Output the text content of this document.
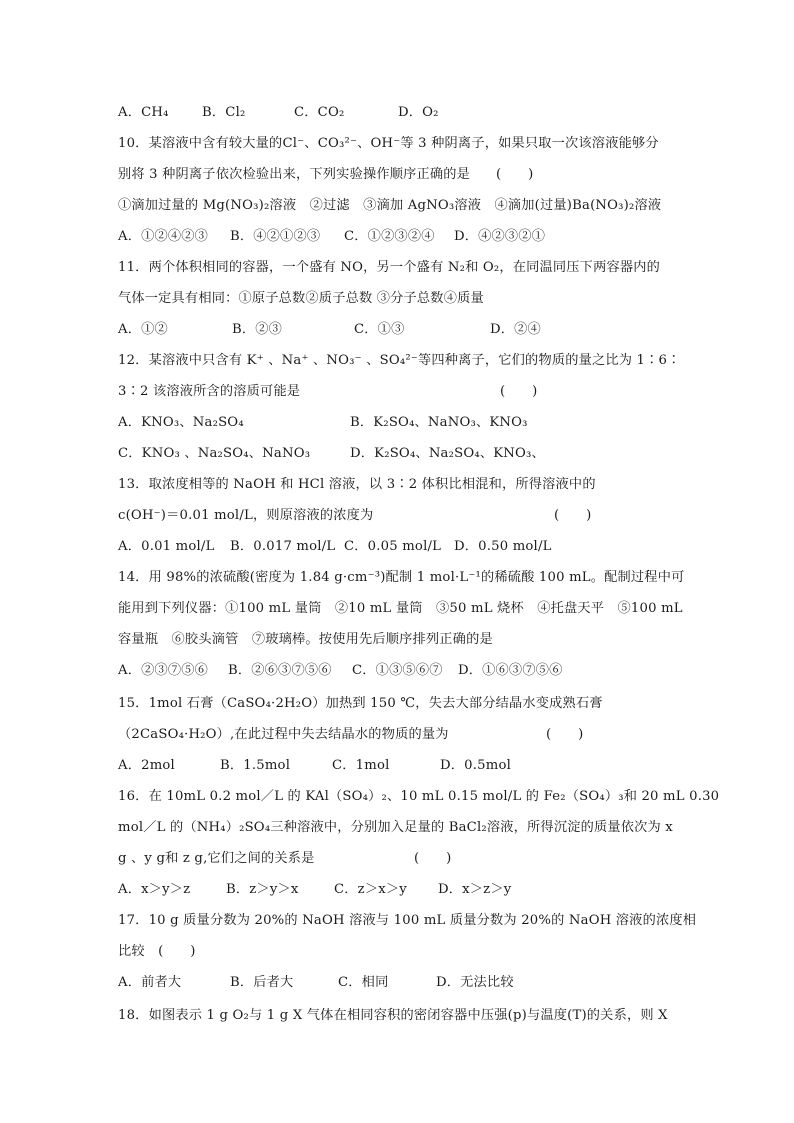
A．CH₄	B．Cl₂	C．CO₂	D．O₂
10．某溶液中含有较大量的Cl⁻、CO₃²⁻、OH⁻等 3 种阴离子，如果只取一次该溶液能够分
别将 3 种阴离子依次检验出来，下列实验操作顺序正确的是 (　　)
①滴加过量的 Mg(NO₃)₂溶液　②过滤　③滴加 AgNO₃溶液　④滴加(过量)Ba(NO₃)₂溶液
A．①②④②③ B．④②①②③ C．①②③②④ D．④②③②①
11．两个体积相同的容器，一个盛有 NO，另一个盛有 N₂和 O₂，在同温同压下两容器内的
气体一定具有相同：①原子总数②质子总数 ③分子总数④质量
A．①②	B．②③	C．①③	D．②④
12．某溶液中只含有 K⁺ 、Na⁺ 、NO₃⁻ 、SO₄²⁻等四种离子，它们的物质的量之比为 1∶6∶
3∶2 该溶液所含的溶质可能是	(　　)
A．KNO₃、Na₂SO₄	B．K₂SO₄、NaNO₃、KNO₃
C．KNO₃ 、Na₂SO₄、NaNO₃	D．K₂SO₄、Na₂SO₄、KNO₃、
13．取浓度相等的 NaOH 和 HCl 溶液，以 3∶2 体积比相混和，所得溶液中的
c(OH⁻)＝0.01 mol/L，则原溶液的浓度为	(　　)
A．0.01 mol/L B．0.017 mol/L C．0.05 mol/L D．0.50 mol/L
14．用 98%的浓硫酸(密度为 1.84 g·cm⁻³)配制 1 mol·L⁻¹的稀硫酸 100 mL。配制过程中可
能用到下列仪器：①100 mL 量筒　②10 mL 量筒　③50 mL 烧杯　④托盘天平　⑤100 mL
容量瓶　⑥胶头滴管　⑦玻璃棒。按使用先后顺序排列正确的是
A．②③⑦⑤⑥ B．②⑥③⑦⑤⑥ C．①③⑤⑥⑦ D．①⑥③⑦⑤⑥
15．1mol 石膏（CaSO₄·2H₂O）加热到 150 ℃，失去大部分结晶水变成熟石膏
（2CaSO₄·H₂O）,在此过程中失去结晶水的物质的量为	(　　)
A．2mol	B．1.5mol	C．1mol	D．0.5mol
16．在 10mL 0.2 mol／L 的 KAl（SO₄）₂、10 mL 0.15 mol/L 的 Fe₂（SO₄）₃和 20 mL 0.30
mol／L 的（NH₄）₂SO₄三种溶液中，分别加入足量的 BaCl₂溶液，所得沉淀的质量依次为 x
g 、y g和 z g,它们之间的关系是	(　　)
A．x＞y＞z	B．z＞y＞x	C．z＞x＞y D．x＞z＞y
17．10 g 质量分数为 20%的 NaOH 溶液与 100 mL 质量分数为 20%的 NaOH 溶液的浓度相
比较　(　　)
A．前者大	B．后者大	C．相同	D．无法比较
18．如图表示 1 g O₂与 1 g X 气体在相同容积的密闭容器中压强(p)与温度(T)的关系，则 X
